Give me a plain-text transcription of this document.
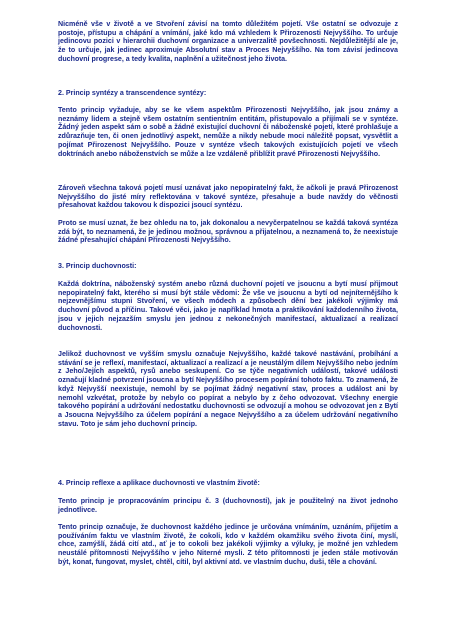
Nicméně vše v životě a ve Stvoření závisí na tomto důležitém pojetí. Vše ostatní se odvozuje z postoje, přístupu a chápání a vnímání, jaké kdo má vzhledem k Přirozenosti Nejvyššího. To určuje jedincovu pozici v hierarchii duchovní organizace a univerzalitě povšechnosti. Nejdůležitější ale je, že to určuje, jak jedinec aproximuje Absolutní stav a Proces Nejvyššího. Na tom závisí jedincova duchovní progrese, a tedy kvalita, naplnění a užitečnost jeho života.

2. Princip syntézy a transcendence syntézy:

Tento princip vyžaduje, aby se ke všem aspektům Přirozenosti Nejvyššího, jak jsou známy a neznámy lidem a stejně všem ostatním sentientním entitám, přistupovalo a přijímali se v syntéze. Žádný jeden aspekt sám o sobě a žádné existující duchovní či náboženské pojetí, které prohlašuje a zdůrazňuje ten, či onen jednotlivý aspekt, nemůže a nikdy nebude moci náležitě popsat, vysvětlit a pojímat Přirozenost Nejvyššího. Pouze v syntéze všech takových existujících pojetí ve všech doktrínách anebo náboženstvích se může a lze vzdáleně přiblížit pravé Přirozenosti Nejvyššího.

Zároveň všechna taková pojetí musí uznávat jako nepopiratelný fakt, že ačkoli je pravá Přirozenost Nejvyššího do jisté míry reflektována v takové syntéze, přesahuje a bude navždy do věčnosti přesahovat každou takovou k dispozici jsoucí syntézu.

Proto se musí uznat, že bez ohledu na to, jak dokonalou a nevyčerpatelnou se každá taková syntéza zdá být, to neznamená, že je jedinou možnou, správnou a přijatelnou, a neznamená to, že neexistuje žádné přesahující chápání Přirozenosti Nejvyššího.

3. Princip duchovnosti:

Každá doktrína, náboženský systém anebo různá duchovní pojetí ve jsoucnu a bytí musí přijmout nepopiratelný fakt, kterého si musí být stále vědomi: Že vše ve jsoucnu a bytí od nejníternějšího k nejzevnějšímu stupni Stvoření, ve všech módech a způsobech dění bez jakékoli výjimky má duchovní původ a příčinu. Takové věci, jako je například hmota a praktikování každodenního života, jsou v jejich nejzazším smyslu jen jednou z nekonečných manifestací, aktualizací a realizací duchovnosti.

Jelikož duchovnost ve vyšším smyslu označuje Nejvyššího, každé takové nastávání, probíhání a stávání se je reflexí, manifestací, aktualizací a realizací a je neustálým dílem Nejvyššího nebo jedním z Jeho/Jejích aspektů, rysů anebo seskupení. Co se týče negativních událostí, takové události označují kladné potvrzení jsoucna a bytí Nejvyššího procesem popírání tohoto faktu. To znamená, že když Nejvyšší neexistuje, nemohl by se pojímat žádný negativní stav, proces a událost ani by nemohl vzkvétat, protože by nebylo co popírat a nebylo by z čeho odvozovat. Všechny energie takového popírání a udržování nedostatku duchovnosti se odvozují a mohou se odvozovat jen z Bytí a Jsoucna Nejvyššího za účelem popírání a negace Nejvyššího a za účelem udržování negativního stavu. Toto je sám jeho duchovní princip.

4. Princip reflexe a aplikace duchovnosti ve vlastním životě:

Tento princip je propracováním principu č. 3 (duchovnosti), jak je použitelný na život jednoho jednotlivce.

Tento princip označuje, že duchovnost každého jedince je určována vnímáním, uznáním, přijetím a používáním faktu ve vlastním životě, že cokoli, kdo v každém okamžiku svého života činí, myslí, chce, zamýšlí, žádá cití atd., ať je to cokoli bez jakékoli výjimky a výluky, je možné jen vzhledem neustálé přítomnosti Nejvyššího v jeho Niterné mysli. Z této přítomnosti je jeden stále motivován být, konat, fungovat, myslet, chtěl, cítil, byl aktivní atd. ve vlastním duchu, duši, těle a chování.
